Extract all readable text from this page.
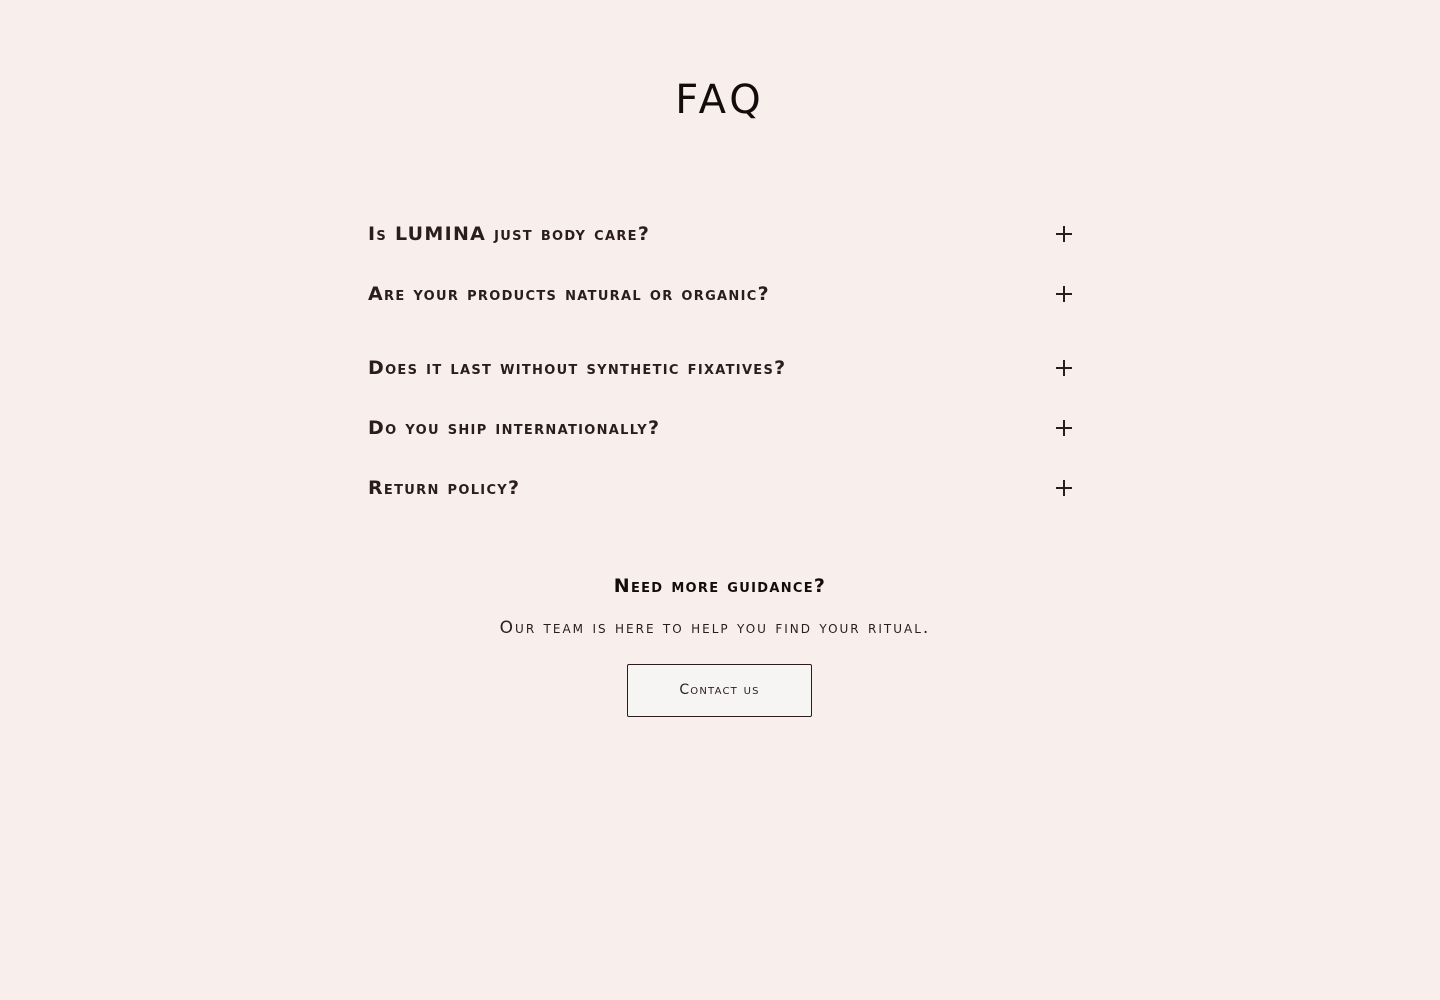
FAQ
Is LUMINA just body care?
Are your products natural or organic?
Does it last without synthetic fixatives?
Do you ship internationally?
Return policy?
Need more guidance?

Our team is here to help you find your ritual.

Contact us
